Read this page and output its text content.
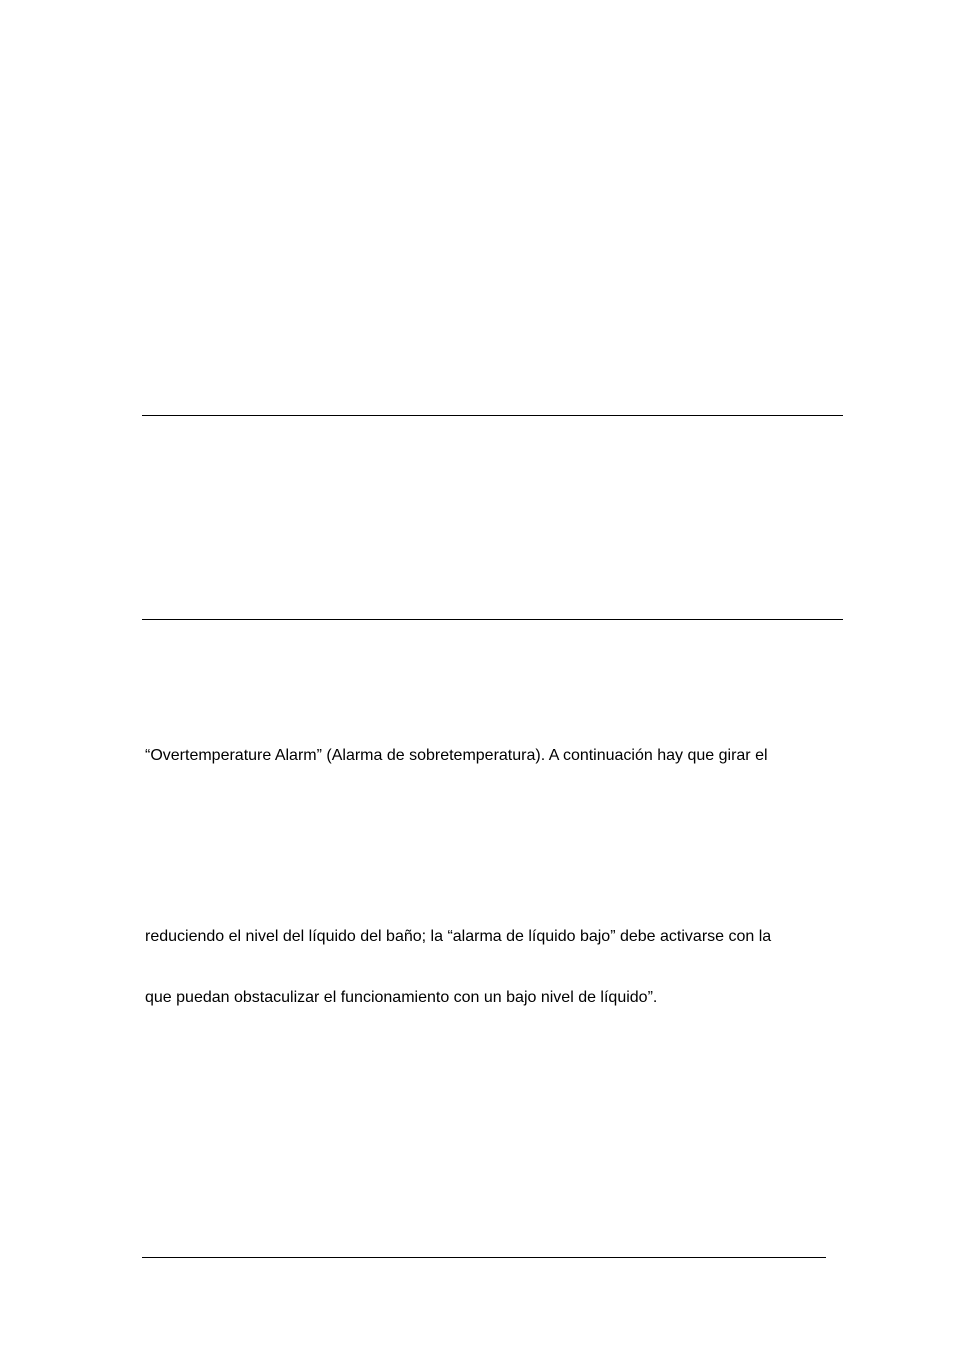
“Overtemperature Alarm” (Alarma de sobretemperatura). A continuación hay que girar el
reduciendo el nivel del líquido del baño; la “alarma de líquido bajo” debe activarse con la
que puedan obstaculizar el funcionamiento con un bajo nivel de líquido”.
